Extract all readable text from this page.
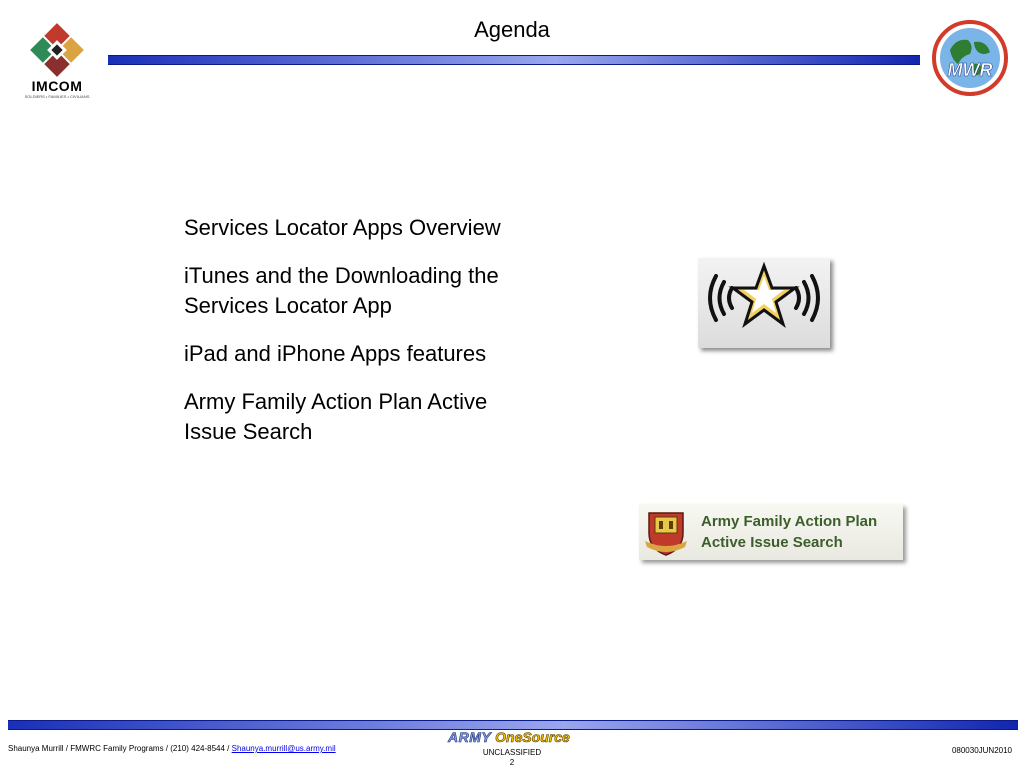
Agenda
IMCOM
SOLDIERS • FAMILIES • CIVILIANS
MWR
Services Locator Apps Overview
iTunes and the Downloading the
Services Locator App
iPad and iPhone Apps features
Army Family Action Plan Active
Issue Search
Army Family Action Plan
Active Issue Search
Shaunya Murrill / FMWRC Family Programs / (210) 424-8544 / Shaunya.murrill@us.army.mil
ARMY OneSource
UNCLASSIFIED
2
080030JUN2010
